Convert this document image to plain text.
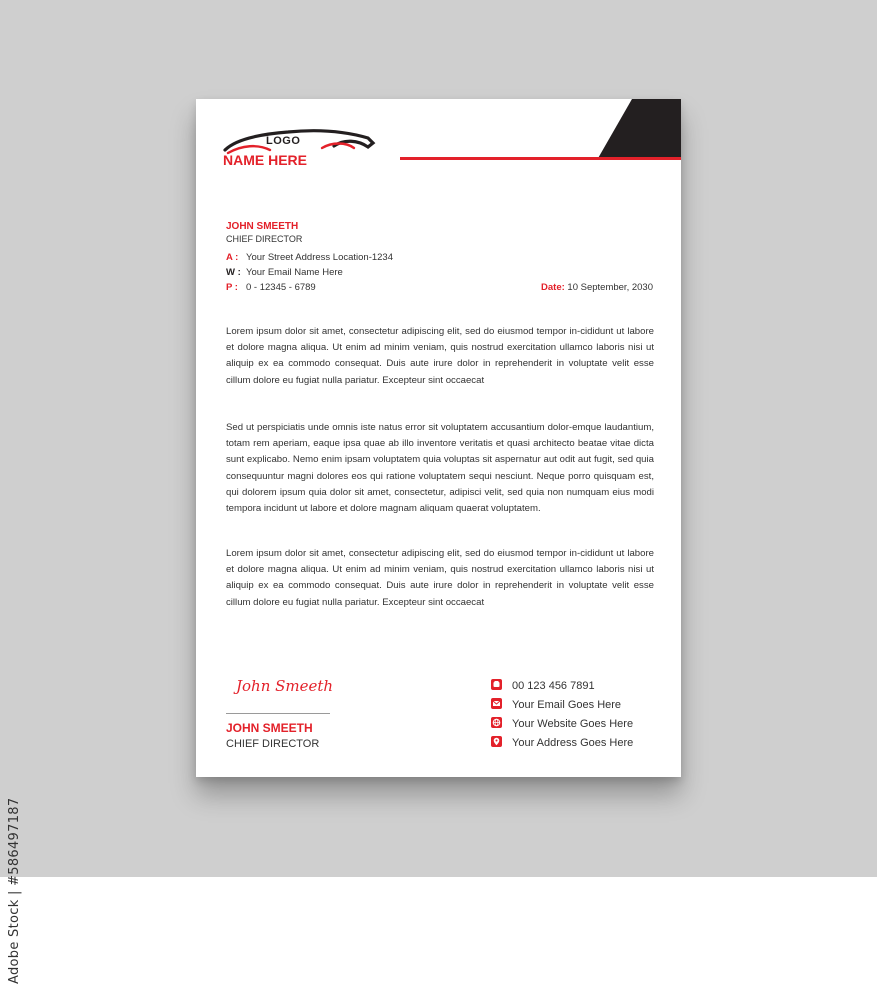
Adobe Stock | #586497187
LOGO
NAME HERE
JOHN SMEETH
CHIEF DIRECTOR
A : Your Street Address Location-1234
W : Your Email Name Here
P : 0 - 12345 - 6789	Date: 10 September, 2030

Lorem ipsum dolor sit amet, consectetur adipiscing elit, sed do eiusmod tempor in-cididunt ut labore et dolore magna aliqua. Ut enim ad minim veniam, quis nostrud exercitation ullamco laboris nisi ut aliquip ex ea commodo consequat. Duis aute irure dolor in reprehenderit in voluptate velit esse cillum dolore eu fugiat nulla pariatur. Excepteur sint occaecat

Sed ut perspiciatis unde omnis iste natus error sit voluptatem accusantium dolor-emque laudantium, totam rem aperiam, eaque ipsa quae ab illo inventore veritatis et quasi architecto beatae vitae dicta sunt explicabo. Nemo enim ipsam voluptatem quia voluptas sit aspernatur aut odit aut fugit, sed quia consequuntur magni dolores eos qui ratione voluptatem sequi nesciunt. Neque porro quisquam est, qui dolorem ipsum quia dolor sit amet, consectetur, adipisci velit, sed quia non numquam eius modi tempora incidunt ut labore et dolore magnam aliquam quaerat voluptatem.

Lorem ipsum dolor sit amet, consectetur adipiscing elit, sed do eiusmod tempor in-cididunt ut labore et dolore magna aliqua. Ut enim ad minim veniam, quis nostrud exercitation ullamco laboris nisi ut aliquip ex ea commodo consequat. Duis aute irure dolor in reprehenderit in voluptate velit esse cillum dolore eu fugiat nulla pariatur. Excepteur sint occaecat

John Smeeth
JOHN SMEETH
CHIEF DIRECTOR
00 123 456 7891
Your Email Goes Here
Your Website Goes Here
Your Address Goes Here
